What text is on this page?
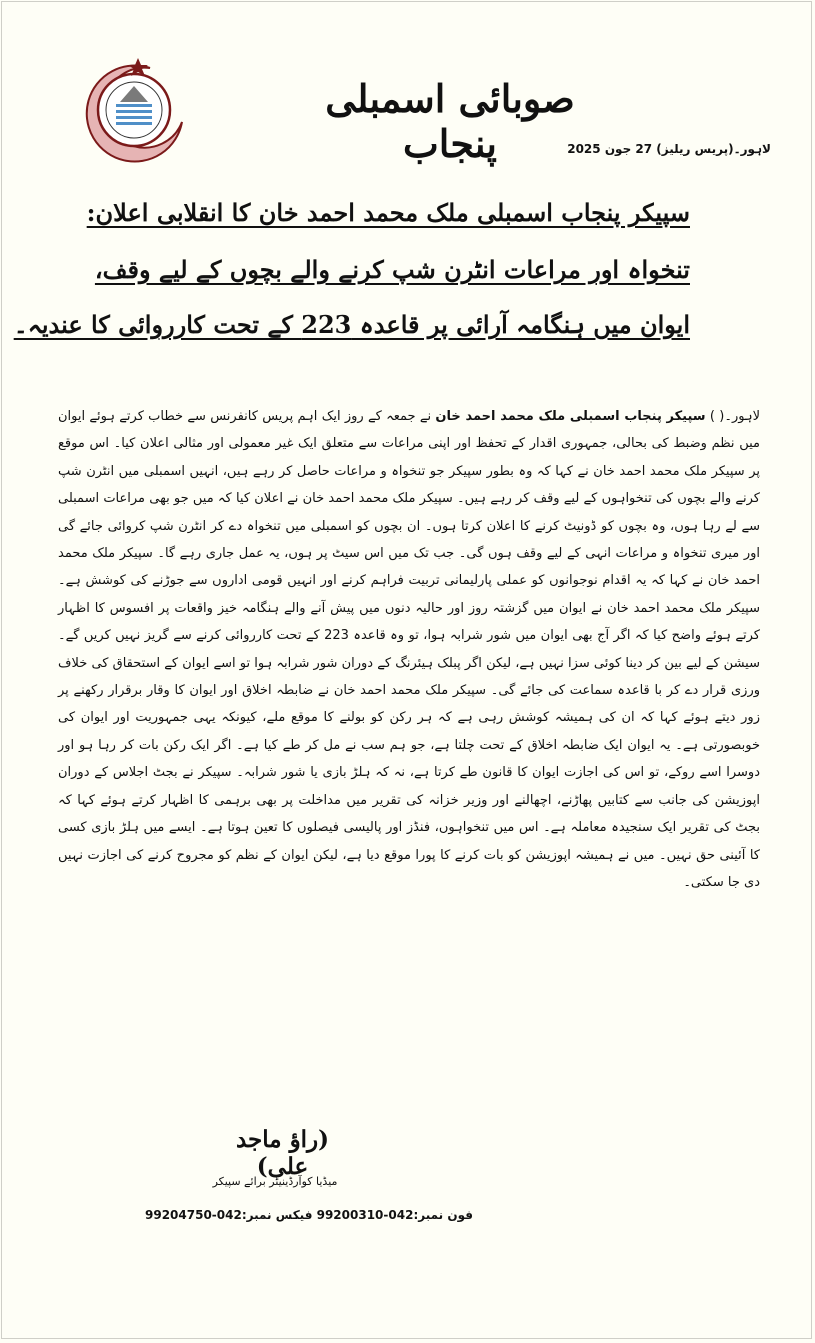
صوبائی اسمبلی پنجاب	لاہور۔(پریس ریلیز) 27 جون 2025
سپیکر پنجاب اسمبلی ملک محمد احمد خان کا انقلابی اعلان:
تنخواہ اور مراعات انٹرن شپ کرنے والے بچوں کے لیے وقف،
ایوان میں ہنگامہ آرائی پر قاعدہ 223 کے تحت کارروائی کا عندیہ۔
لاہور۔( ) سپیکر پنجاب اسمبلی ملک محمد احمد خان نے جمعہ کے روز ایک اہم پریس کانفرنس سے خطاب کرتے ہوئے ایوان میں نظم وضبط کی بحالی، جمہوری اقدار کے تحفظ اور اپنی مراعات سے متعلق ایک غیر معمولی اور مثالی اعلان کیا۔ اس موقع پر سپیکر ملک محمد احمد خان نے کہا کہ وہ بطور سپیکر جو تنخواہ و مراعات حاصل کر رہے ہیں، انہیں اسمبلی میں انٹرن شپ کرنے والے بچوں کی تنخواہوں کے لیے وقف کر رہے ہیں۔ سپیکر ملک محمد احمد خان نے اعلان کیا کہ میں جو بھی مراعات اسمبلی سے لے رہا ہوں، وہ بچوں کو ڈونیٹ کرنے کا اعلان کرتا ہوں۔ ان بچوں کو اسمبلی میں تنخواہ دے کر انٹرن شپ کروائی جائے گی اور میری تنخواہ و مراعات انہی کے لیے وقف ہوں گی۔ جب تک میں اس سیٹ پر ہوں، یہ عمل جاری رہے گا۔ سپیکر ملک محمد احمد خان نے کہا کہ یہ اقدام نوجوانوں کو عملی پارلیمانی تربیت فراہم کرنے اور انہیں قومی اداروں سے جوڑنے کی کوشش ہے۔ سپیکر ملک محمد احمد خان نے ایوان میں گزشتہ روز اور حالیہ دنوں میں پیش آنے والے ہنگامہ خیز واقعات پر افسوس کا اظہار کرتے ہوئے واضح کیا کہ اگر آج بھی ایوان میں شور شرابہ ہوا، تو وہ قاعدہ 223 کے تحت کارروائی کرنے سے گریز نہیں کریں گے۔ سیشن کے لیے بین کر دینا کوئی سزا نہیں ہے، لیکن اگر پبلک ہیئرنگ کے دوران شور شرابہ ہوا تو اسے ایوان کے استحقاق کی خلاف ورزی قرار دے کر با قاعدہ سماعت کی جائے گی۔ سپیکر ملک محمد احمد خان نے ضابطہ اخلاق اور ایوان کا وقار برقرار رکھنے پر زور دیتے ہوئے کہا کہ ان کی ہمیشہ کوشش رہی ہے کہ ہر رکن کو بولنے کا موقع ملے، کیونکہ یہی جمہوریت اور ایوان کی خوبصورتی ہے۔ یہ ایوان ایک ضابطہ اخلاق کے تحت چلتا ہے، جو ہم سب نے مل کر طے کیا ہے۔ اگر ایک رکن بات کر رہا ہو اور دوسرا اسے روکے، تو اس کی اجازت ایوان کا قانون طے کرتا ہے، نہ کہ ہلڑ بازی یا شور شرابہ۔ سپیکر نے بجٹ اجلاس کے دوران اپوزیشن کی جانب سے کتابیں پھاڑنے، اچھالنے اور وزیر خزانہ کی تقریر میں مداخلت پر بھی برہمی کا اظہار کرتے ہوئے کہا کہ بجٹ کی تقریر ایک سنجیدہ معاملہ ہے۔ اس میں تنخواہوں، فنڈز اور پالیسی فیصلوں کا تعین ہوتا ہے۔ ایسے میں ہلڑ بازی کسی کا آئینی حق نہیں۔ میں نے ہمیشہ اپوزیشن کو بات کرنے کا پورا موقع دیا ہے، لیکن ایوان کے نظم کو مجروح کرنے کی اجازت نہیں دی جا سکتی۔
(راؤ ماجد علی)
میڈیا کوآرڈینیٹر برائے سپیکر
فون نمبر:042-99200310 فیکس نمبر:042-99204750
